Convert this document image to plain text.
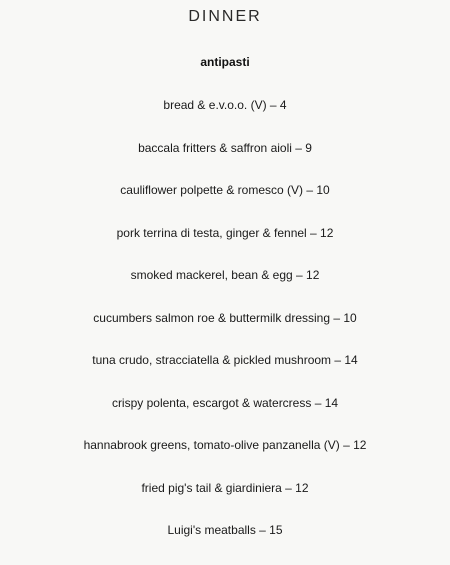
DINNER
antipasti
bread & e.v.o.o. (V) – 4
baccala fritters & saffron aioli – 9
cauliflower polpette & romesco (V) – 10
pork terrina di testa, ginger & fennel – 12
smoked mackerel, bean & egg – 12
cucumbers salmon roe & buttermilk dressing – 10
tuna crudo, stracciatella & pickled mushroom – 14
crispy polenta, escargot & watercress – 14
hannabrook greens, tomato-olive panzanella (V) – 12
fried pig's tail & giardiniera – 12
Luigi's meatballs – 15
